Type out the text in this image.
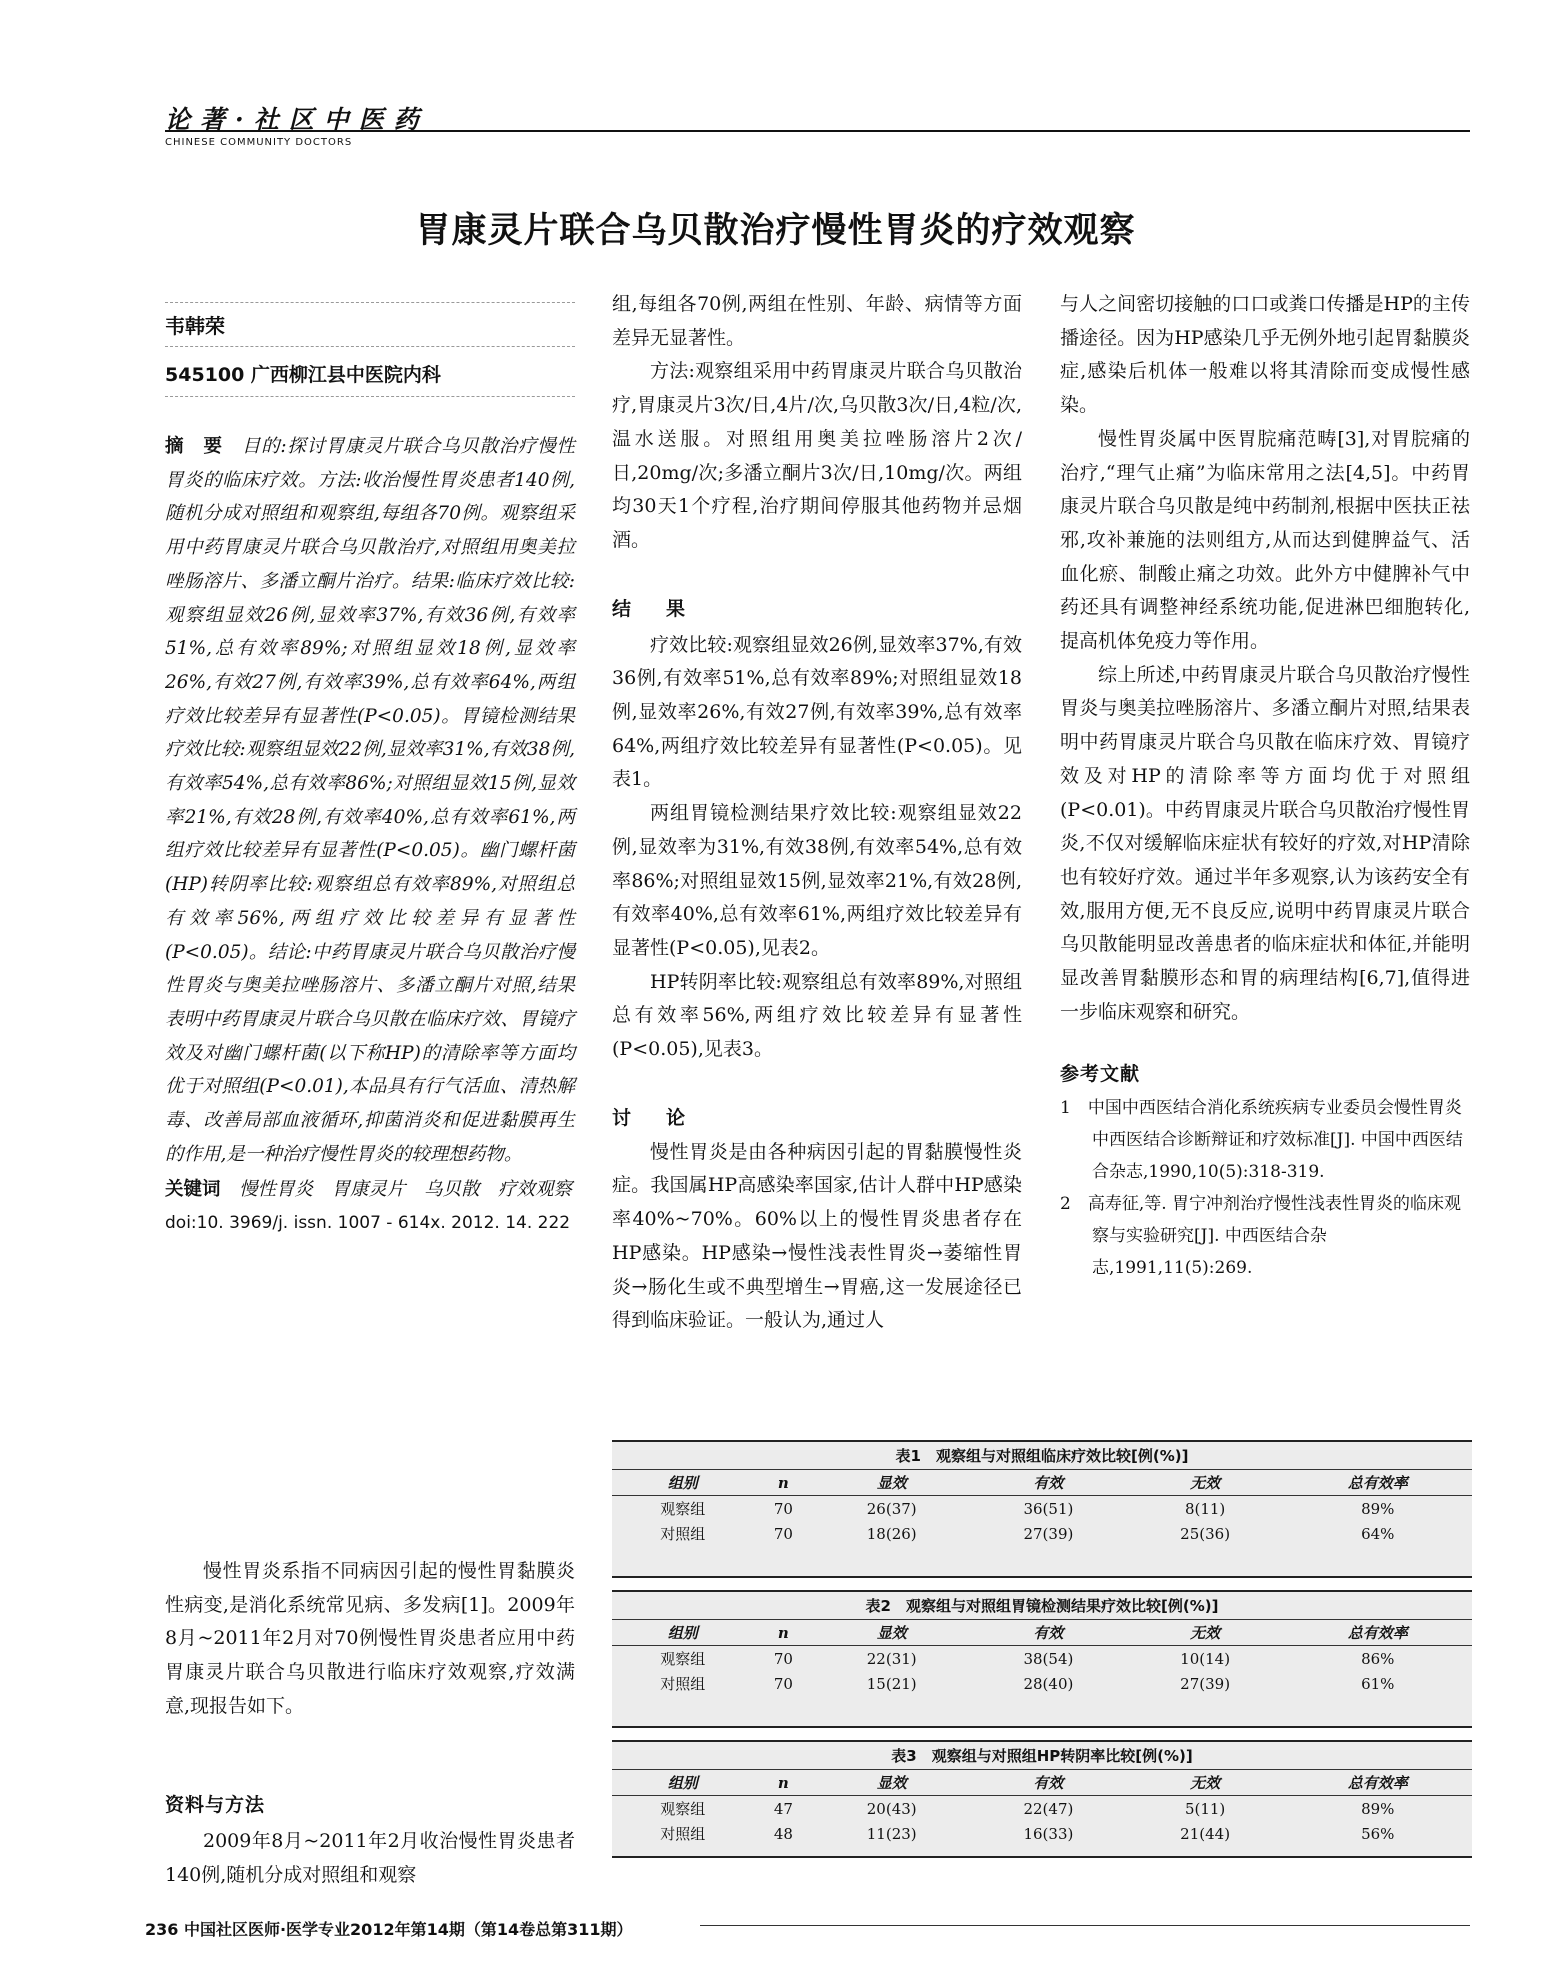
论著·社区中医药
CHINESE COMMUNITY DOCTORS
胃康灵片联合乌贝散治疗慢性胃炎的疗效观察
韦韩荣
545100 广西柳江县中医院内科

摘　要　 目的:探讨胃康灵片联合乌贝散治疗慢性胃炎的临床疗效。方法:收治慢性胃炎患者140例,随机分成对照组和观察组,每组各70例。观察组采用中药胃康灵片联合乌贝散治疗,对照组用奥美拉唑肠溶片、多潘立酮片治疗。结果:临床疗效比较:观察组显效26例,显效率37%,有效36例,有效率51%,总有效率89%;对照组显效18例,显效率26%,有效27例,有效率39%,总有效率64%,两组疗效比较差异有显著性(P<0.05)。胃镜检测结果疗效比较:观察组显效22例,显效率31%,有效38例,有效率54%,总有效率86%;对照组显效15例,显效率21%,有效28例,有效率40%,总有效率61%,两组疗效比较差异有显著性(P<0.05)。幽门螺杆菌(HP)转阴率比较:观察组总有效率89%,对照组总有效率56%,两组疗效比较差异有显著性(P<0.05)。结论:中药胃康灵片联合乌贝散治疗慢性胃炎与奥美拉唑肠溶片、多潘立酮片对照,结果表明中药胃康灵片联合乌贝散在临床疗效、胃镜疗效及对幽门螺杆菌(以下称HP)的清除率等方面均优于对照组(P<0.01),本品具有行气活血、清热解毒、改善局部血液循环,抑菌消炎和促进黏膜再生的作用,是一种治疗慢性胃炎的较理想药物。

关键词　 慢性胃炎　胃康灵片　乌贝散　疗效观察

doi:10. 3969/j. issn. 1007 - 614x. 2012. 14. 222

慢性胃炎系指不同病因引起的慢性胃黏膜炎性病变,是消化系统常见病、多发病[1]。2009年8月~2011年2月对70例慢性胃炎患者应用中药胃康灵片联合乌贝散进行临床疗效观察,疗效满意,现报告如下。

资料与方法

2009年8月~2011年2月收治慢性胃炎患者140例,随机分成对照组和观察

组,每组各70例,两组在性别、年龄、病情等方面差异无显著性。

方法:观察组采用中药胃康灵片联合乌贝散治疗,胃康灵片3次/日,4片/次,乌贝散3次/日,4粒/次,温水送服。对照组用奥美拉唑肠溶片2次/日,20mg/次;多潘立酮片3次/日,10mg/次。两组均30天1个疗程,治疗期间停服其他药物并忌烟酒。

结　果

疗效比较:观察组显效26例,显效率37%,有效36例,有效率51%,总有效率89%;对照组显效18例,显效率26%,有效27例,有效率39%,总有效率64%,两组疗效比较差异有显著性(P<0.05)。见表1。

两组胃镜检测结果疗效比较:观察组显效22例,显效率为31%,有效38例,有效率54%,总有效率86%;对照组显效15例,显效率21%,有效28例,有效率40%,总有效率61%,两组疗效比较差异有显著性(P<0.05),见表2。

HP转阴率比较:观察组总有效率89%,对照组总有效率56%,两组疗效比较差异有显著性(P<0.05),见表3。

讨　论

慢性胃炎是由各种病因引起的胃黏膜慢性炎症。我国属HP高感染率国家,估计人群中HP感染率40%~70%。60%以上的慢性胃炎患者存在HP感染。HP感染→慢性浅表性胃炎→萎缩性胃炎→肠化生或不典型增生→胃癌,这一发展途径已得到临床验证。一般认为,通过人

与人之间密切接触的口口或粪口传播是HP的主传播途径。因为HP感染几乎无例外地引起胃黏膜炎症,感染后机体一般难以将其清除而变成慢性感染。

慢性胃炎属中医胃脘痛范畴[3],对胃脘痛的治疗,“理气止痛”为临床常用之法[4,5]。中药胃康灵片联合乌贝散是纯中药制剂,根据中医扶正祛邪,攻补兼施的法则组方,从而达到健脾益气、活血化瘀、制酸止痛之功效。此外方中健脾补气中药还具有调整神经系统功能,促进淋巴细胞转化,提高机体免疫力等作用。

综上所述,中药胃康灵片联合乌贝散治疗慢性胃炎与奥美拉唑肠溶片、多潘立酮片对照,结果表明中药胃康灵片联合乌贝散在临床疗效、胃镜疗效及对HP的清除率等方面均优于对照组(P<0.01)。中药胃康灵片联合乌贝散治疗慢性胃炎,不仅对缓解临床症状有较好的疗效,对HP清除也有较好疗效。通过半年多观察,认为该药安全有效,服用方便,无不良反应,说明中药胃康灵片联合乌贝散能明显改善患者的临床症状和体征,并能明显改善胃黏膜形态和胃的病理结构[6,7],值得进一步临床观察和研究。

参考文献

1　中国中西医结合消化系统疾病专业委员会慢性胃炎中西医结合诊断辩证和疗效标准[J]. 中国中西医结合杂志,1990,10(5):318-319.

2　高寿征,等. 胃宁冲剂治疗慢性浅表性胃炎的临床观察与实验研究[J]. 中西医结合杂志,1991,11(5):269.

表1　观察组与对照组临床疗效比较[例(%)]
组别	n	显效	有效	无效	总有效率
观察组	70	26(37)	36(51)	8(11)	89%
对照组	70	18(26)	27(39)	25(36)	64%
表2　观察组与对照组胃镜检测结果疗效比较[例(%)]
组别	n	显效	有效	无效	总有效率
观察组	70	22(31)	38(54)	10(14)	86%
对照组	70	15(21)	28(40)	27(39)	61%
表3　观察组与对照组HP转阴率比较[例(%)]
组别	n	显效	有效	无效	总有效率
观察组	47	20(43)	22(47)	5(11)	89%
对照组	48	11(23)	16(33)	21(44)	56%
236 中国社区医师·医学专业2012年第14期（第14卷总第311期）
